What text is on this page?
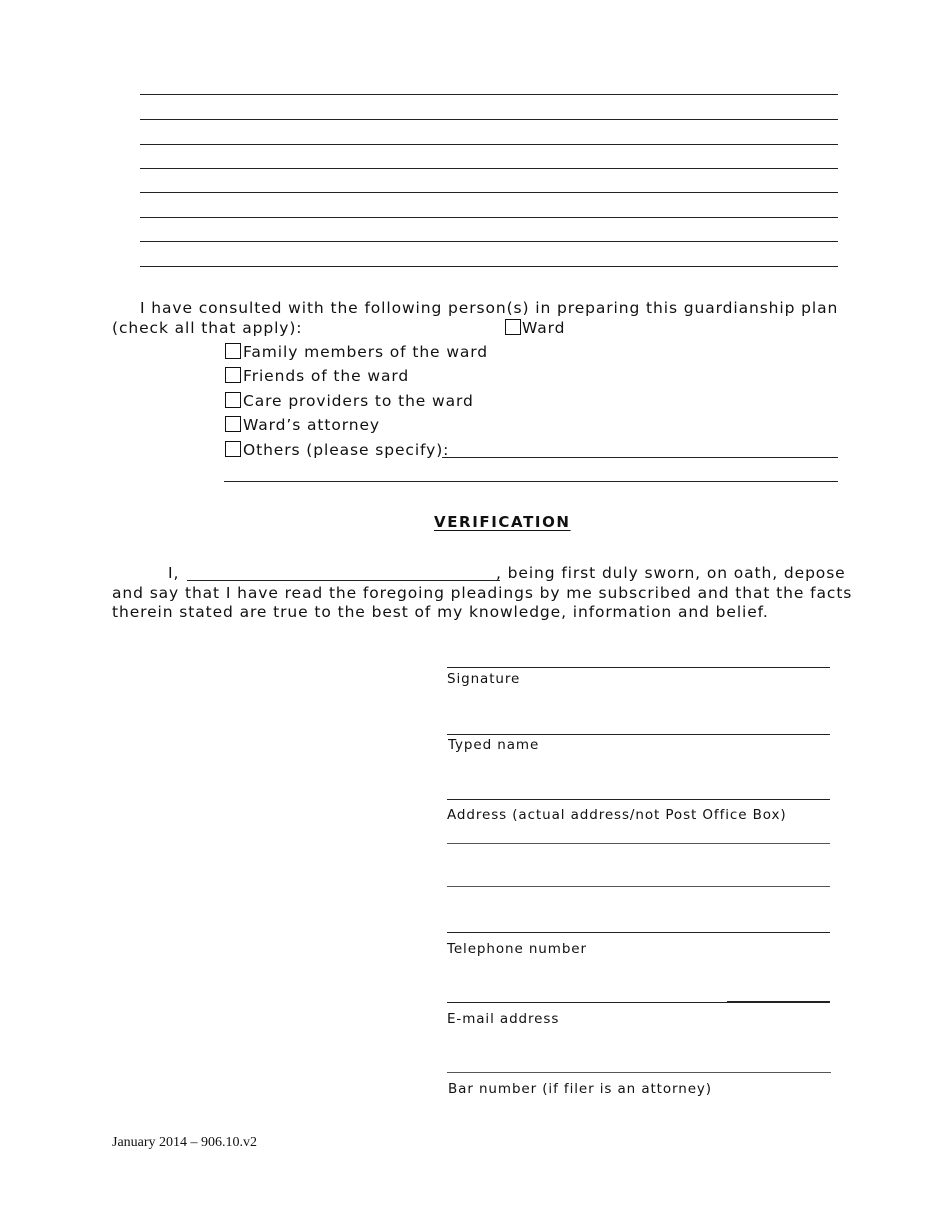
I have consulted with the following person(s) in preparing this guardianship plan
(check all that apply):	Ward
Family members of the ward
Friends of the ward
Care providers to the ward
Ward’s attorney
Others (please specify):
VERIFICATION
I,	, being first duly sworn, on oath, depose
and say that I have read the foregoing pleadings by me subscribed and that the facts
therein stated are true to the best of my knowledge, information and belief.
Signature
Typed name
Address (actual address/not Post Office Box)
Telephone number
E-mail address
Bar number (if filer is an attorney)
January 2014 – 906.10.v2
